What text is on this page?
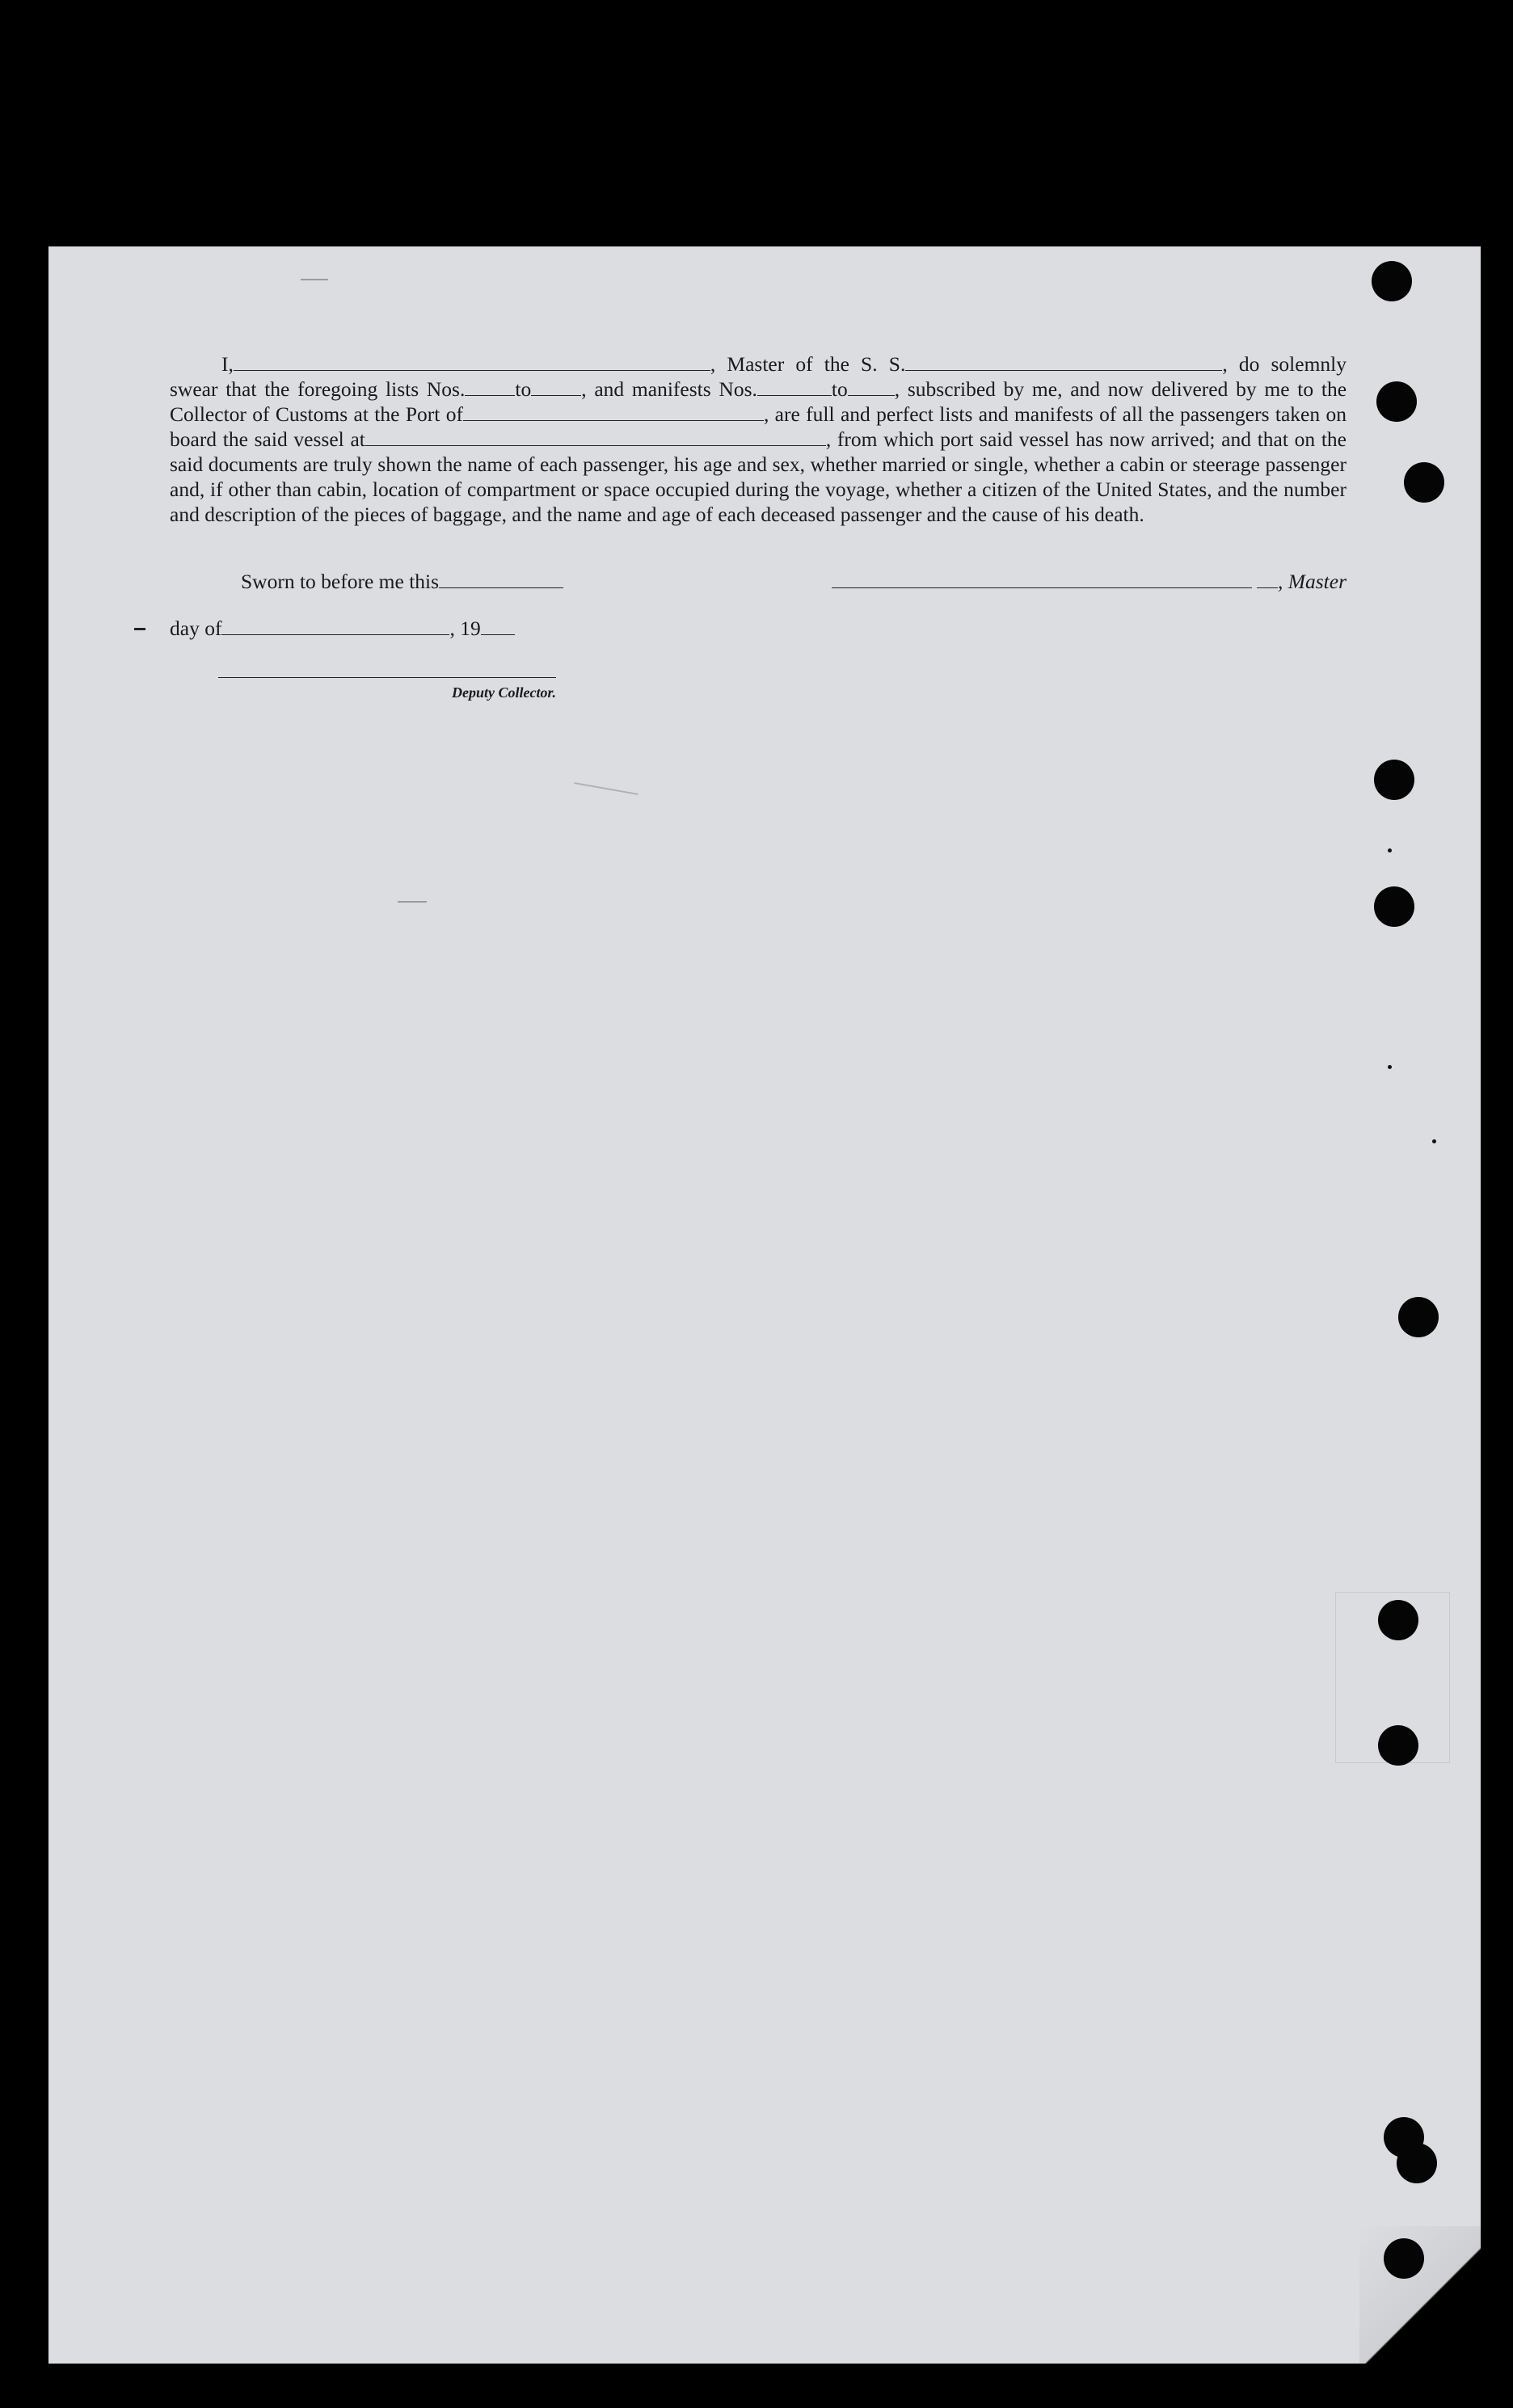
I,	, Master of the S. S.	, do solemnly swear that the foregoing lists Nos. to , and manifests Nos.	to , subscribed by me, and now delivered by me to the Collector of Customs at the Port of	, are full and perfect lists and manifests of all the passengers taken on board the said vessel at	, from which port said vessel has now arrived; and that on the said documents are truly shown the name of each passenger, his age and sex, whether married or single, whether a cabin or steerage passenger and, if other than cabin, location of compartment or space occupied during the voyage, whether a citizen of the United States, and the number and description of the pieces of baggage, and the name and age of each deceased passenger and the cause of his death.

Sworn to before me this	, Master
day of	, 19
Deputy Collector.
